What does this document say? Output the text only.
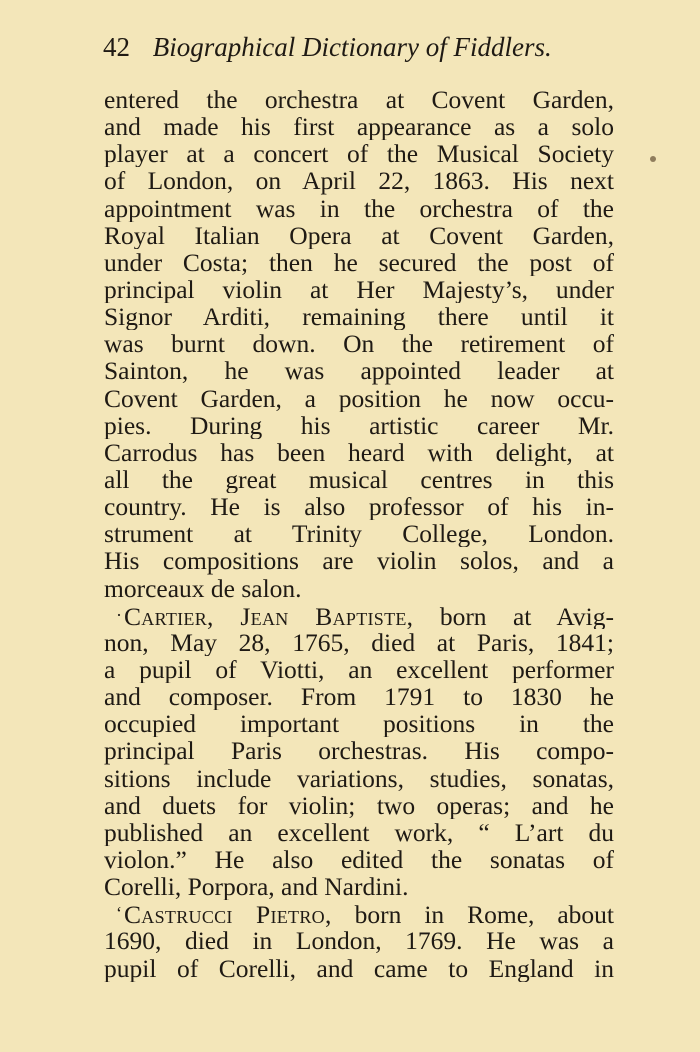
42 Biographical Dictionary of Fiddlers.
entered the orchestra at Covent Garden,
and made his first appearance as a solo
player at a concert of the Musical Society
of London, on April 22, 1863. His next
appointment was in the orchestra of the
Royal Italian Opera at Covent Garden,
under Costa; then he secured the post of
principal violin at Her Majesty’s, under
Signor Arditi, remaining there until it
was burnt down. On the retirement of
Sainton, he was appointed leader at
Covent Garden, a position he now occu-
pies. During his artistic career Mr.
Carrodus has been heard with delight, at
all the great musical centres in this
country. He is also professor of his in-
strument at Trinity College, London.
His compositions are violin solos, and a
morceaux de salon.
·Cartier, Jean Baptiste, born at Avig-
non, May 28, 1765, died at Paris, 1841;
a pupil of Viotti, an excellent performer
and composer. From 1791 to 1830 he
occupied important positions in the
principal Paris orchestras. His compo-
sitions include variations, studies, sonatas,
and duets for violin; two operas; and he
published an excellent work, “ L’art du
violon.” He also edited the sonatas of
Corelli, Porpora, and Nardini.
‘Castrucci Pietro, born in Rome, about
1690, died in London, 1769. He was a
pupil of Corelli, and came to England in
